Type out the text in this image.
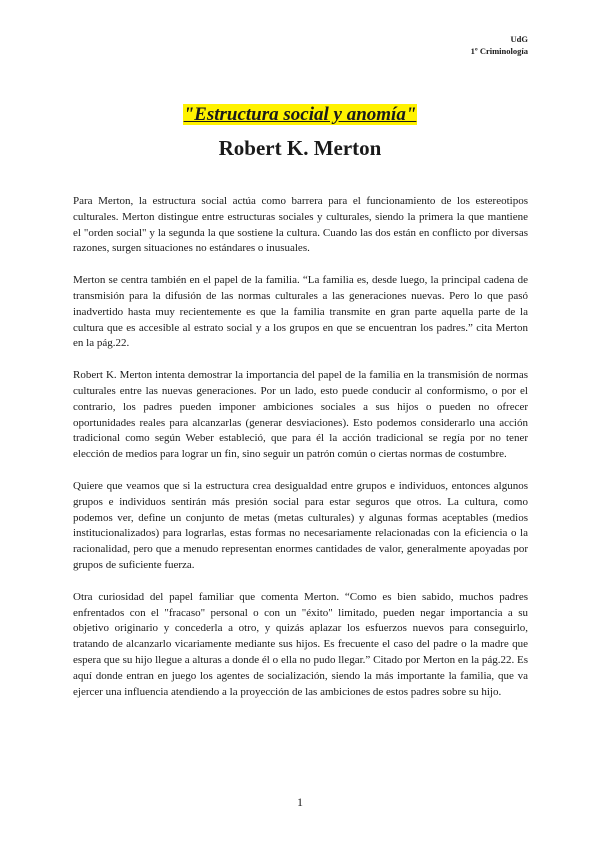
UdG
1º Criminología
"Estructura social y anomía"
Robert K. Merton

Para Merton, la estructura social actúa como barrera para el funcionamiento de los estereotipos culturales. Merton distingue entre estructuras sociales y culturales, siendo la primera la que mantiene el "orden social" y la segunda la que sostiene la cultura. Cuando las dos están en conflicto por diversas razones, surgen situaciones no estándares o inusuales.

Merton se centra también en el papel de la familia. “La familia es, desde luego, la principal cadena de transmisión para la difusión de las normas culturales a las generaciones nuevas. Pero lo que pasó inadvertido hasta muy recientemente es que la familia transmite en gran parte aquella parte de la cultura que es accesible al estrato social y a los grupos en que se encuentran los padres.” cita Merton en la pág.22.

Robert K. Merton intenta demostrar la importancia del papel de la familia en la transmisión de normas culturales entre las nuevas generaciones. Por un lado, esto puede conducir al conformismo, o por el contrario, los padres pueden imponer ambiciones sociales a sus hijos o pueden no ofrecer oportunidades reales para alcanzarlas (generar desviaciones). Esto podemos considerarlo una acción tradicional como según Weber estableció, que para él la acción tradicional se regía por no tener elección de medios para lograr un fin, sino seguir un patrón común o ciertas normas de costumbre.

Quiere que veamos que si la estructura crea desigualdad entre grupos e individuos, entonces algunos grupos e individuos sentirán más presión social para estar seguros que otros. La cultura, como podemos ver, define un conjunto de metas (metas culturales) y algunas formas aceptables (medios institucionalizados) para lograrlas, estas formas no necesariamente relacionadas con la eficiencia o la racionalidad, pero que a menudo representan enormes cantidades de valor, generalmente apoyadas por grupos de suficiente fuerza.

Otra curiosidad del papel familiar que comenta Merton. “Como es bien sabido, muchos padres enfrentados con el "fracaso" personal o con un "éxito" limitado, pueden negar importancia a su objetivo originario y concederla a otro, y quizás aplazar los esfuerzos nuevos para conseguirlo, tratando de alcanzarlo vicariamente mediante sus hijos. Es frecuente el caso del padre o la madre que espera que su hijo llegue a alturas a donde él o ella no pudo llegar.” Citado por Merton en la pág.22. Es aquí donde entran en juego los agentes de socialización, siendo la más importante la familia, que va ejercer una influencia atendiendo a la proyección de las ambiciones de estos padres sobre su hijo.

1
